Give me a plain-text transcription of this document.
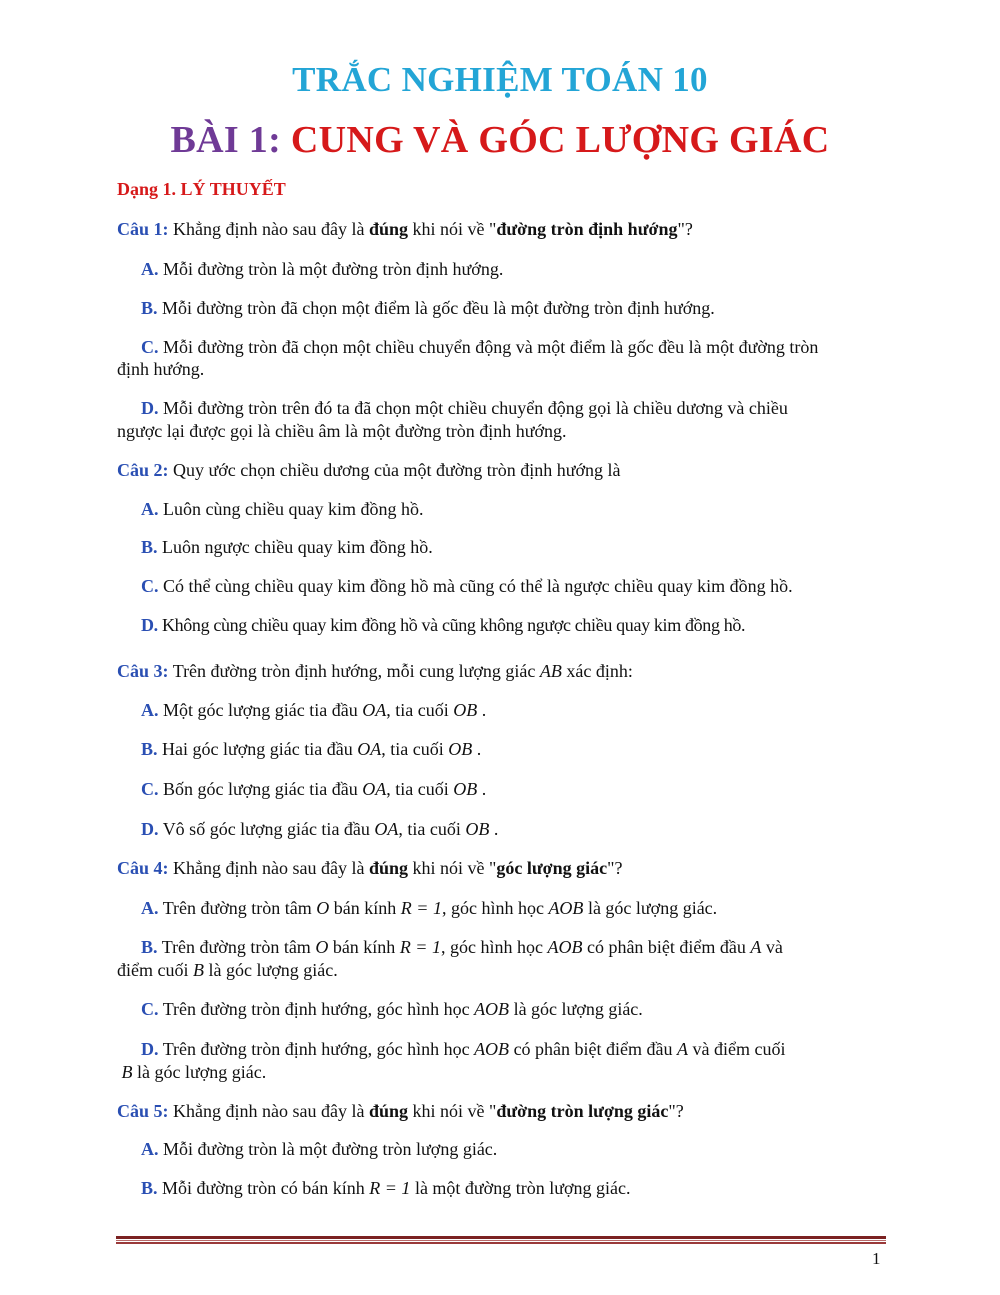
TRẮC NGHIỆM TOÁN 10
BÀI 1: CUNG VÀ GÓC LƯỢNG GIÁC
Dạng 1. LÝ THUYẾT
Câu 1: Khẳng định nào sau đây là đúng khi nói về "đường tròn định hướng"?
A. Mỗi đường tròn là một đường tròn định hướng.
B. Mỗi đường tròn đã chọn một điểm là gốc đều là một đường tròn định hướng.
C. Mỗi đường tròn đã chọn một chiều chuyển động và một điểm là gốc đều là một đường tròn
định hướng.
D. Mỗi đường tròn trên đó ta đã chọn một chiều chuyển động gọi là chiều dương và chiều
ngược lại được gọi là chiều âm là một đường tròn định hướng.
Câu 2: Quy ước chọn chiều dương của một đường tròn định hướng là
A. Luôn cùng chiều quay kim đồng hồ.
B. Luôn ngược chiều quay kim đồng hồ.
C. Có thể cùng chiều quay kim đồng hồ mà cũng có thể là ngược chiều quay kim đồng hồ.
D. Không cùng chiều quay kim đồng hồ và cũng không ngược chiều quay kim đồng hồ.
Câu 3: Trên đường tròn định hướng, mỗi cung lượng giác AB xác định:
A. Một góc lượng giác tia đầu OA, tia cuối OB .
B. Hai góc lượng giác tia đầu OA, tia cuối OB .
C. Bốn góc lượng giác tia đầu OA, tia cuối OB .
D. Vô số góc lượng giác tia đầu OA, tia cuối OB .
Câu 4: Khẳng định nào sau đây là đúng khi nói về "góc lượng giác"?
A. Trên đường tròn tâm O bán kính R = 1, góc hình học AOB là góc lượng giác.
B. Trên đường tròn tâm O bán kính R = 1, góc hình học AOB có phân biệt điểm đầu A và
điểm cuối B là góc lượng giác.
C. Trên đường tròn định hướng, góc hình học AOB là góc lượng giác.
D. Trên đường tròn định hướng, góc hình học AOB có phân biệt điểm đầu A và điểm cuối
B là góc lượng giác.
Câu 5: Khẳng định nào sau đây là đúng khi nói về "đường tròn lượng giác"?
A. Mỗi đường tròn là một đường tròn lượng giác.
B. Mỗi đường tròn có bán kính R = 1 là một đường tròn lượng giác.
1
